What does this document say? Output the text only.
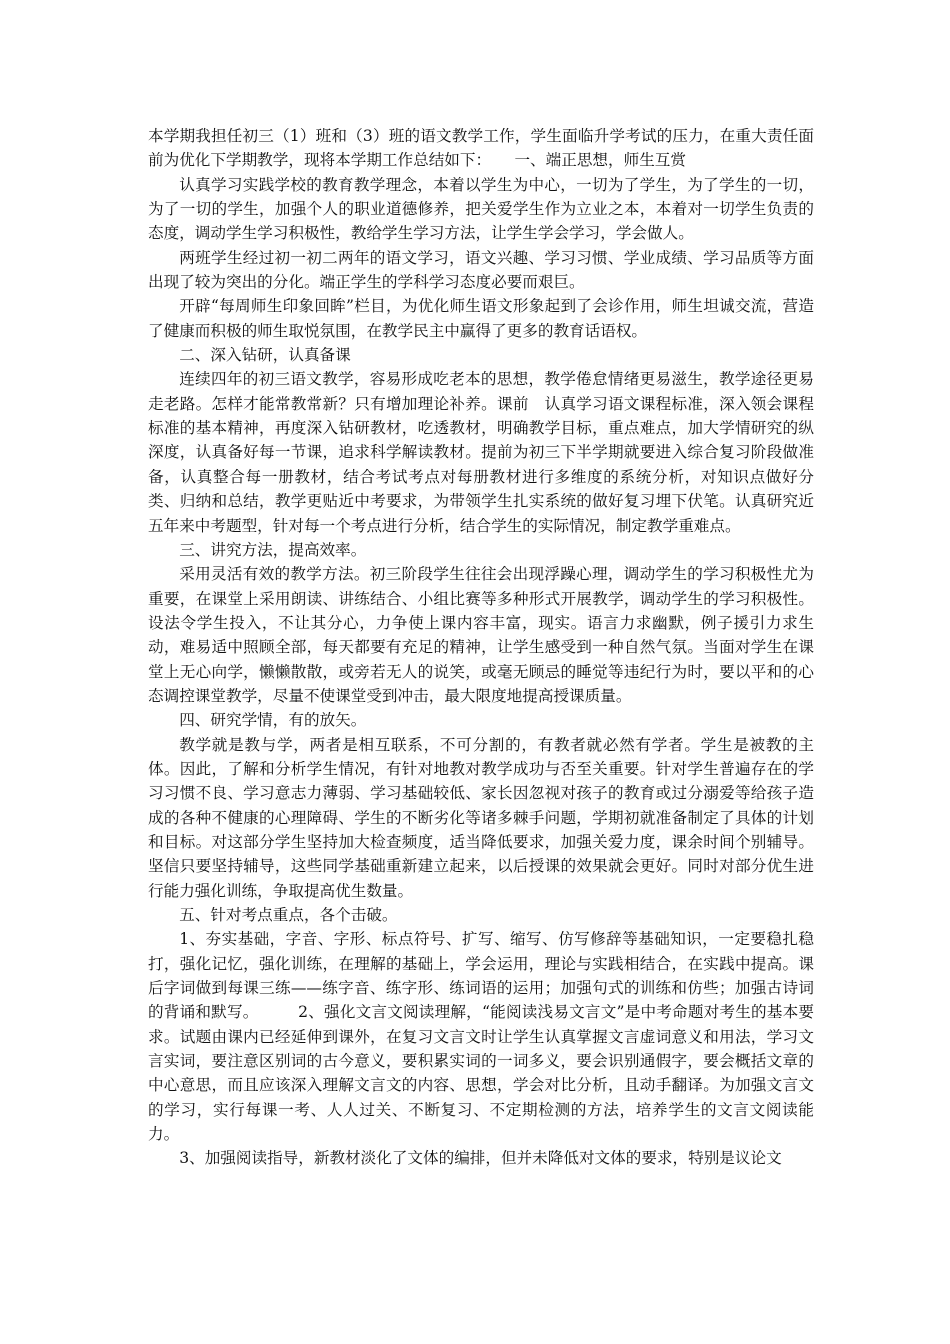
本学期我担任初三（1）班和（3）班的语文教学工作，学生面临升学考试的压力，在重大责任面前为优化下学期教学，现将本学期工作总结如下：　　一、端正思想，师生互赏

认真学习实践学校的教育教学理念，本着以学生为中心，一切为了学生，为了学生的一切，为了一切的学生，加强个人的职业道德修养，把关爱学生作为立业之本，本着对一切学生负责的态度，调动学生学习积极性，教给学生学习方法，让学生学会学习，学会做人。

两班学生经过初一初二两年的语文学习，语文兴趣、学习习惯、学业成绩、学习品质等方面出现了较为突出的分化。端正学生的学科学习态度必要而艰巨。

开辟“每周师生印象回眸”栏目，为优化师生语文形象起到了会诊作用，师生坦诚交流，营造了健康而积极的师生取悦氛围，在教学民主中赢得了更多的教育话语权。

二、深入钻研，认真备课

连续四年的初三语文教学，容易形成吃老本的思想，教学倦怠情绪更易滋生，教学途径更易走老路。怎样才能常教常新？只有增加理论补养。课前　认真学习语文课程标准，深入领会课程标准的基本精神，再度深入钻研教材，吃透教材，明确教学目标，重点难点，加大学情研究的纵深度，认真备好每一节课，追求科学解读教材。提前为初三下半学期就要进入综合复习阶段做准备，认真整合每一册教材，结合考试考点对每册教材进行多维度的系统分析，对知识点做好分类、归纳和总结，教学更贴近中考要求，为带领学生扎实系统的做好复习埋下伏笔。认真研究近五年来中考题型，针对每一个考点进行分析，结合学生的实际情况，制定教学重难点。

三、讲究方法，提高效率。

采用灵活有效的教学方法。初三阶段学生往往会出现浮躁心理，调动学生的学习积极性尤为重要，在课堂上采用朗读、讲练结合、小组比赛等多种形式开展教学，调动学生的学习积极性。设法令学生投入，不让其分心，力争使上课内容丰富，现实。语言力求幽默，例子援引力求生动，难易适中照顾全部，每天都要有充足的精神，让学生感受到一种自然气氛。当面对学生在课堂上无心向学，懒懒散散，或旁若无人的说笑，或毫无顾忌的睡觉等违纪行为时，要以平和的心态调控课堂教学，尽量不使课堂受到冲击，最大限度地提高授课质量。

四、研究学情，有的放矢。

教学就是教与学，两者是相互联系，不可分割的，有教者就必然有学者。学生是被教的主体。因此，了解和分析学生情况，有针对地教对教学成功与否至关重要。针对学生普遍存在的学习习惯不良、学习意志力薄弱、学习基础较低、家长因忽视对孩子的教育或过分溺爱等给孩子造成的各种不健康的心理障碍、学生的不断劣化等诸多棘手问题，学期初就准备制定了具体的计划和目标。对这部分学生坚持加大检查频度，适当降低要求，加强关爱力度，课余时间个别辅导。坚信只要坚持辅导，这些同学基础重新建立起来，以后授课的效果就会更好。同时对部分优生进行能力强化训练，争取提高优生数量。

五、针对考点重点，各个击破。

1、夯实基础，字音、字形、标点符号、扩写、缩写、仿写修辞等基础知识，一定要稳扎稳打，强化记忆，强化训练，在理解的基础上，学会运用，理论与实践相结合，在实践中提高。课后字词做到每课三练——练字音、练字形、练词语的运用；加强句式的训练和仿些；加强古诗词的背诵和默写。　　　2、强化文言文阅读理解，“能阅读浅易文言文”是中考命题对考生的基本要求。试题由课内已经延伸到课外，在复习文言文时让学生认真掌握文言虚词意义和用法，学习文言实词，要注意区别词的古今意义，要积累实词的一词多义，要会识别通假字，要会概括文章的中心意思，而且应该深入理解文言文的内容、思想，学会对比分析，且动手翻译。为加强文言文的学习，实行每课一考、人人过关、不断复习、不定期检测的方法，培养学生的文言文阅读能力。

3、加强阅读指导，新教材淡化了文体的编排，但并未降低对文体的要求，特别是议论文
